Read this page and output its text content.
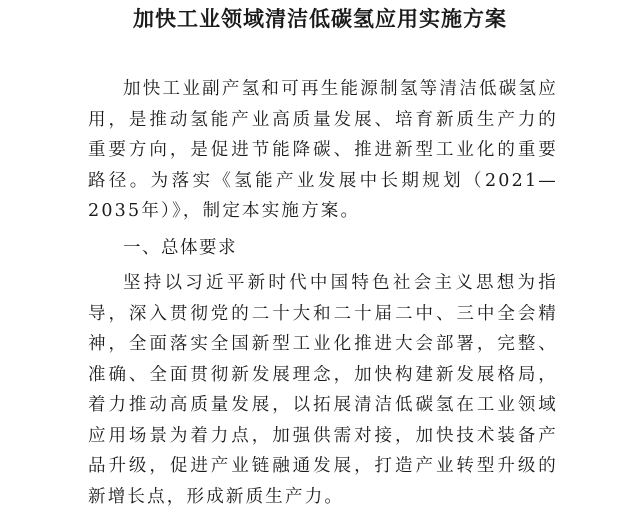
加快工业领域清洁低碳氢应用实施方案

加快工业副产氢和可再生能源制氢等清洁低碳氢应用，是推动氢能产业高质量发展、培育新质生产力的重要方向，是促进节能降碳、推进新型工业化的重要路径。为落实《氢能产业发展中长期规划（2021—2035年）》，制定本实施方案。

一、总体要求

坚持以习近平新时代中国特色社会主义思想为指导，深入贯彻党的二十大和二十届二中、三中全会精神，全面落实全国新型工业化推进大会部署，完整、准确、全面贯彻新发展理念，加快构建新发展格局，着力推动高质量发展，以拓展清洁低碳氢在工业领域应用场景为着力点，加强供需对接，加快技术装备产品升级，促进产业链融通发展，打造产业转型升级的新增长点，形成新质生产力。
